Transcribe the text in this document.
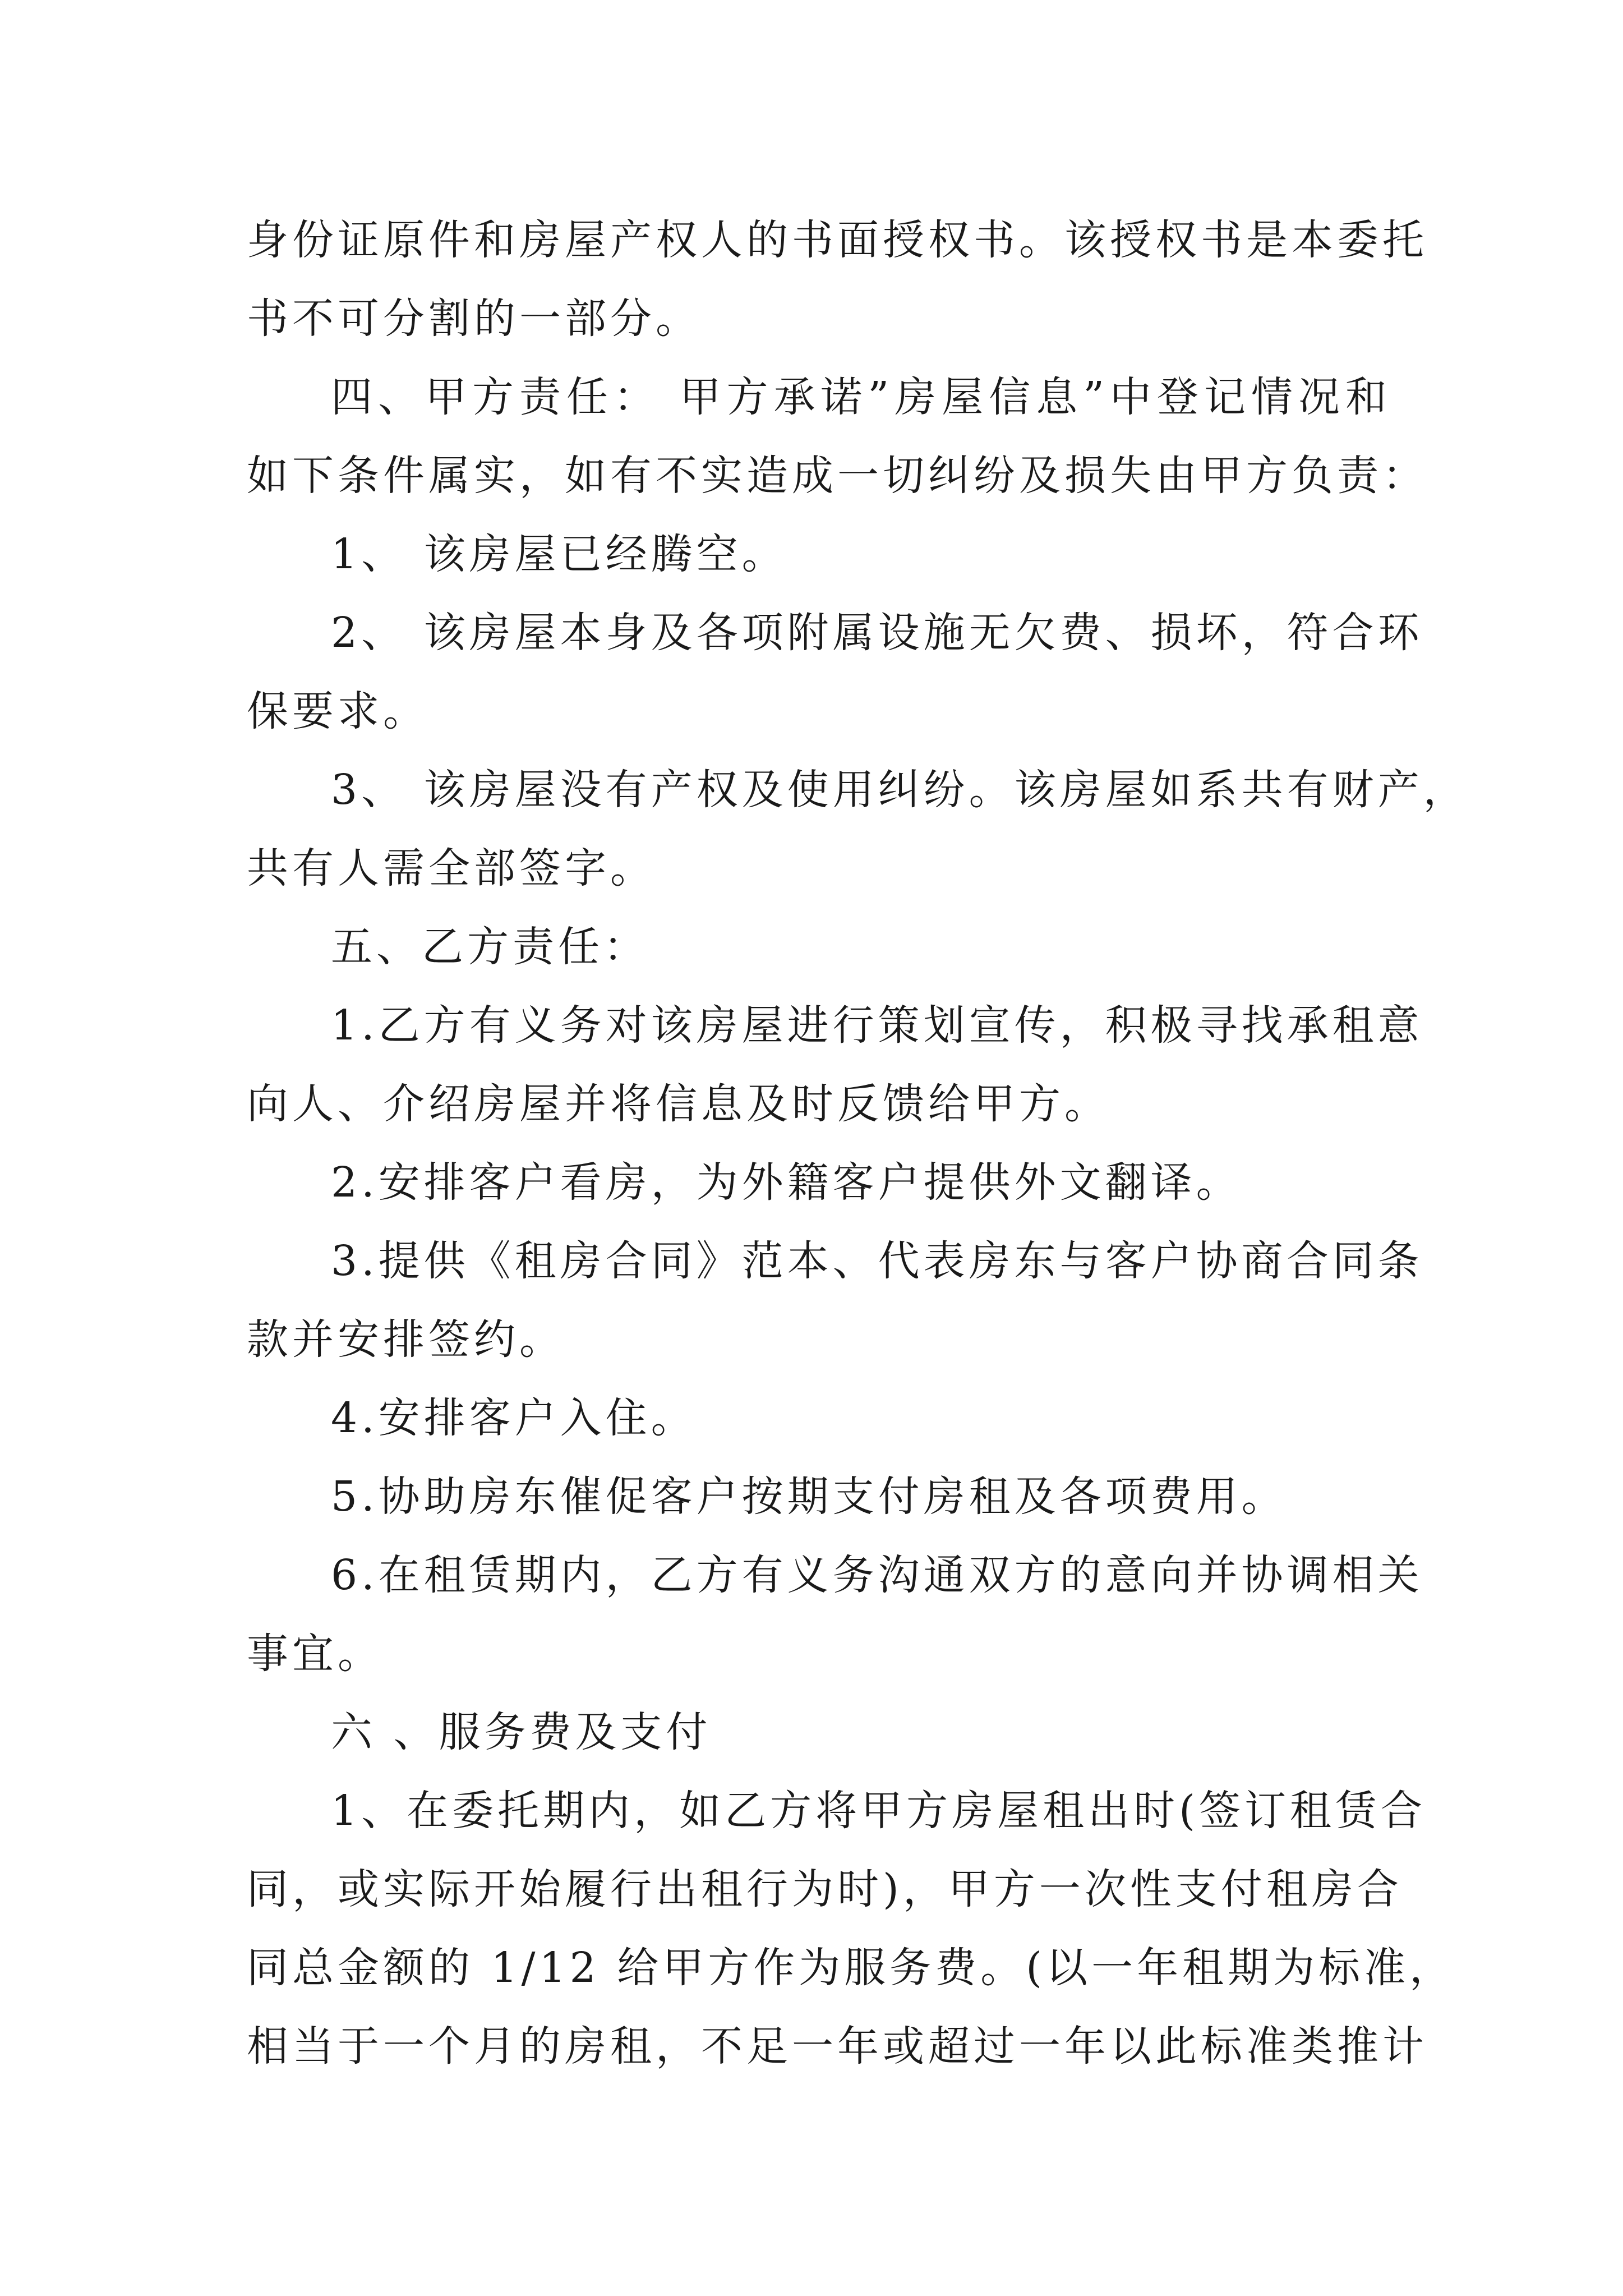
身份证原件和房屋产权人的书面授权书。该授权书是本委托
书不可分割的一部分。
四、甲方责任： 甲方承诺”房屋信息”中登记情况和
如下条件属实，如有不实造成一切纠纷及损失由甲方负责：
1、 该房屋已经腾空。
2、 该房屋本身及各项附属设施无欠费、损坏，符合环
保要求。
3、 该房屋没有产权及使用纠纷。该房屋如系共有财产，
共有人需全部签字。
五、乙方责任：
1.乙方有义务对该房屋进行策划宣传，积极寻找承租意
向人、介绍房屋并将信息及时反馈给甲方。
2.安排客户看房，为外籍客户提供外文翻译。
3.提供《租房合同》范本、代表房东与客户协商合同条
款并安排签约。
4.安排客户入住。
5.协助房东催促客户按期支付房租及各项费用。
6.在租赁期内，乙方有义务沟通双方的意向并协调相关
事宜。
六 、服务费及支付
1、在委托期内，如乙方将甲方房屋租出时(签订租赁合
同，或实际开始履行出租行为时)，甲方一次性支付租房合
同总金额的 1/12 给甲方作为服务费。(以一年租期为标准，
相当于一个月的房租，不足一年或超过一年以此标准类推计
